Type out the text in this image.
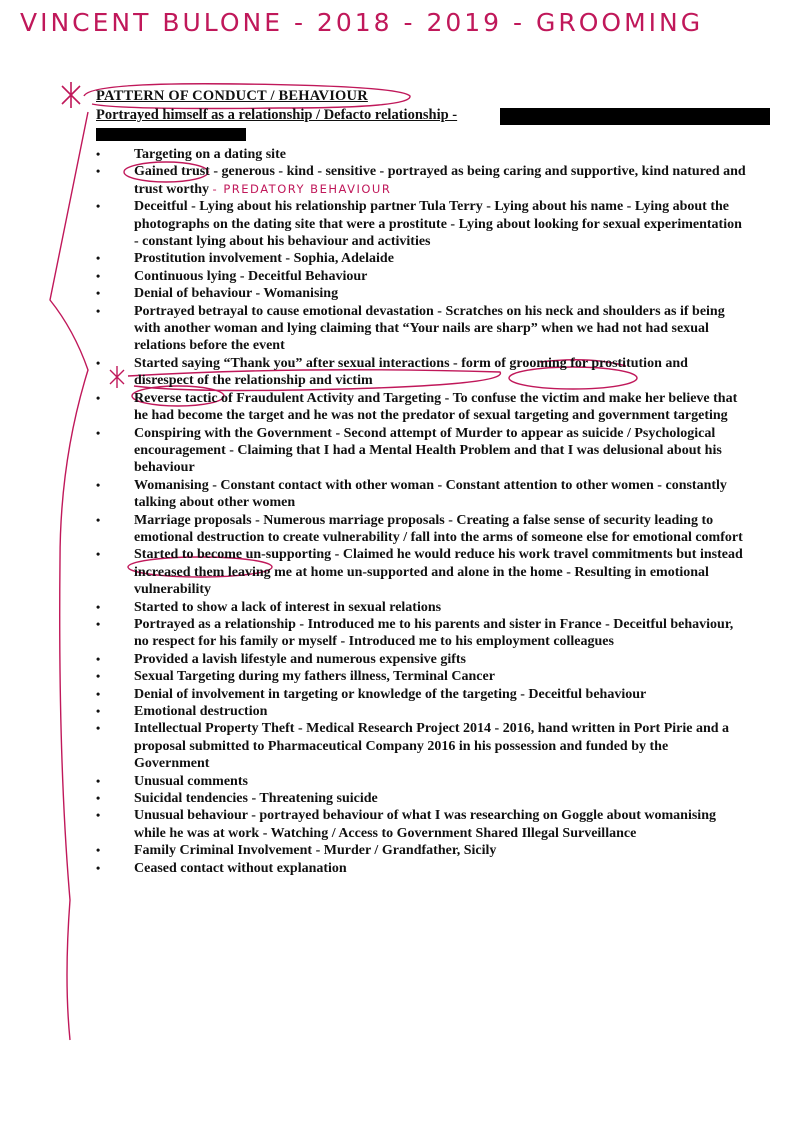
VINCENT BULONE - 2018 - 2019 - GROOMING
PATTERN OF CONDUCT / BEHAVIOUR
Portrayed himself as a relationship / Defacto relationship -
• Targeting on a dating site
• Gained trust - generous - kind - sensitive - portrayed as being caring and supportive, kind natured and trust worthy - PREDATORY BEHAVIOUR
• Deceitful - Lying about his relationship partner Tula Terry - Lying about his name - Lying about the photographs on the dating site that were a prostitute - Lying about looking for sexual experimentation - constant lying about his behaviour and activities
• Prostitution involvement - Sophia, Adelaide
• Continuous lying - Deceitful Behaviour
• Denial of behaviour - Womanising
• Portrayed betrayal to cause emotional devastation - Scratches on his neck and shoulders as if being with another woman and lying claiming that “Your nails are sharp” when we had not had sexual relations before the event
• Started saying “Thank you” after sexual interactions - form of grooming for prostitution and disrespect of the relationship and victim
• Reverse tactic of Fraudulent Activity and Targeting - To confuse the victim and make her believe that he had become the target and he was not the predator of sexual targeting and government targeting
• Conspiring with the Government - Second attempt of Murder to appear as suicide / Psychological encouragement - Claiming that I had a Mental Health Problem and that I was delusional about his behaviour
• Womanising - Constant contact with other woman - Constant attention to other women - constantly talking about other women
• Marriage proposals - Numerous marriage proposals - Creating a false sense of security leading to emotional destruction to create vulnerability / fall into the arms of someone else for emotional comfort
• Started to become un-supporting - Claimed he would reduce his work travel commitments but instead increased them leaving me at home un-supported and alone in the home - Resulting in emotional vulnerability
• Started to show a lack of interest in sexual relations
• Portrayed as a relationship - Introduced me to his parents and sister in France - Deceitful behaviour, no respect for his family or myself - Introduced me to his employment colleagues
• Provided a lavish lifestyle and numerous expensive gifts
• Sexual Targeting during my fathers illness, Terminal Cancer
• Denial of involvement in targeting or knowledge of the targeting - Deceitful behaviour
• Emotional destruction
• Intellectual Property Theft - Medical Research Project 2014 - 2016, hand written in Port Pirie and a proposal submitted to Pharmaceutical Company 2016 in his possession and funded by the Government
• Unusual comments
• Suicidal tendencies - Threatening suicide
• Unusual behaviour - portrayed behaviour of what I was researching on Goggle about womanising while he was at work - Watching / Access to Government Shared Illegal Surveillance
• Family Criminal Involvement - Murder / Grandfather, Sicily
• Ceased contact without explanation
